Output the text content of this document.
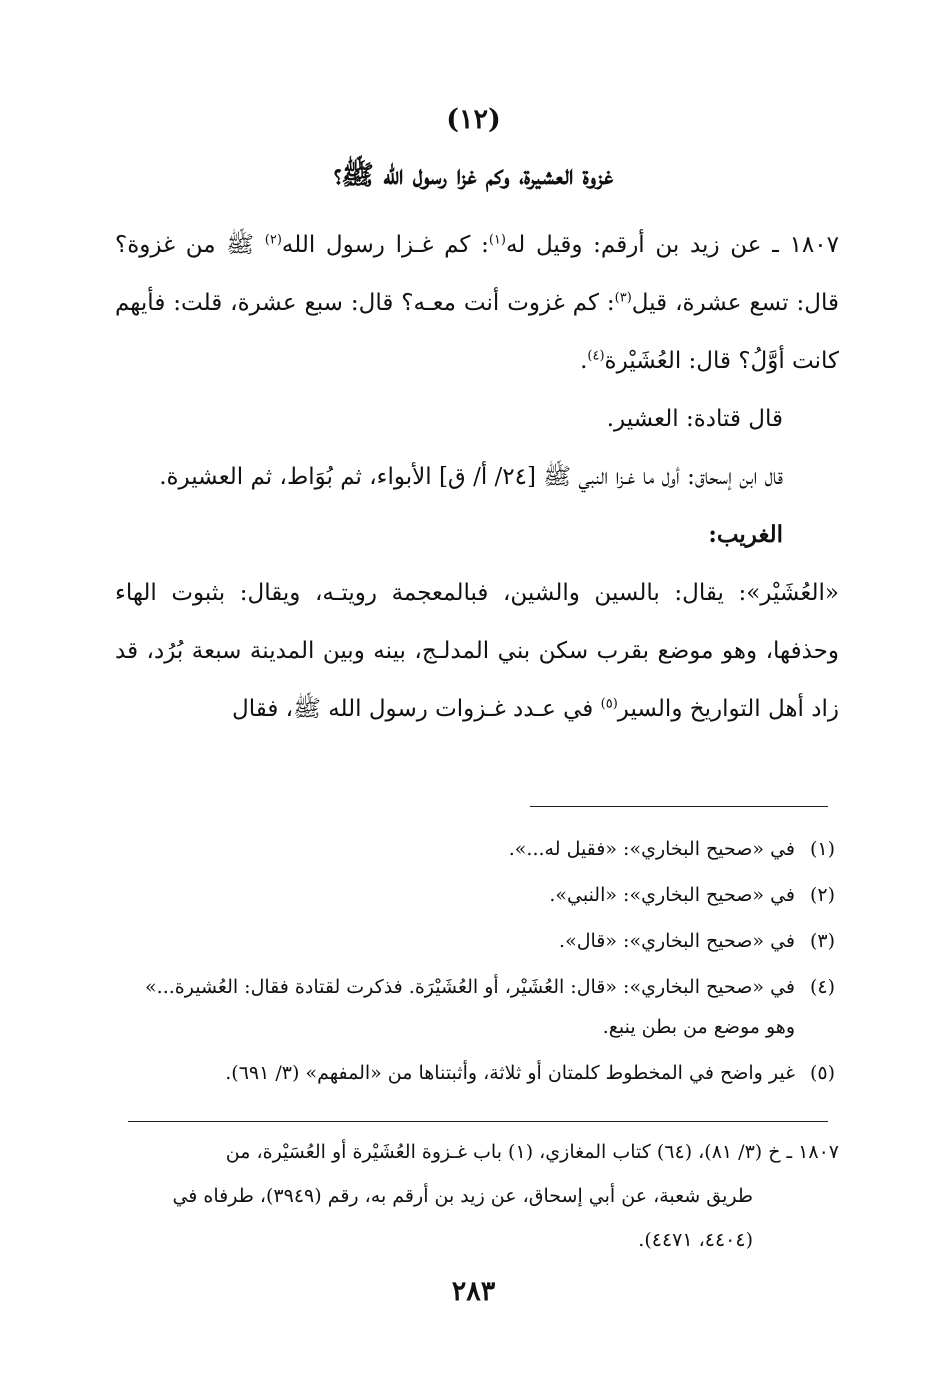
(١٢)
غزوة العشيرة، وكم غزا رسول الله ﷺ؟

١٨٠٧ ـ عن زيد بن أرقم: وقيل له$^{(١)}$: كم غـزا رسول الله$^{(٢)}$ ﷺ من غزوة؟ قال: تسع عشرة، قيل$^{(٣)}$: كم غزوت أنت معـه؟ قال: سبع عشرة، قلت: فأيهم كانت أوَّلُ؟ قال: العُشَيْرة$^{(٤)}$.

قال قتادة: العشير.

قال ابن إسحاق: أول ما غـزا النبي ﷺ [٢٤/ أ/ ق] الأبواء، ثم بُوَاط، ثم العشيرة.

الغريب:

«العُشَيْر»: يقال: بالسين والشين، فبالمعجمة رويتـه، ويقال: بثبوت الهاء وحذفها، وهو موضع بقرب سكن بني المدلـج، بينه وبين المدينة سبعة بُرُد، قد زاد أهل التواريخ والسير$^{(٥)}$ في عـدد غـزوات رسول الله ﷺ، فقال

(١)
في «صحيح البخاري»: «فقيل له...».
(٢)
في «صحيح البخاري»: «النبي».
(٣)
في «صحيح البخاري»: «قال».
(٤)
في «صحيح البخاري»: «قال: العُشَيْر، أو العُشَيْرَة. فذكرت لقتادة فقال: العُشيرة...»
وهو موضع من بطن ينبع.
(٥)
غير واضح في المخطوط كلمتان أو ثلاثة، وأثبتناها من «المفهم» (٣/ ٦٩١).

١٨٠٧ ـ خ (٣/ ٨١)، (٦٤) كتاب المغازي، (١) باب غـزوة العُشَيْرة أو العُسَيْرة، من

طريق شعبة، عن أبي إسحاق، عن زيد بن أرقم به، رقم (٣٩٤٩)، طرفاه في

(٤٤٠٤، ٤٤٧١).

٢٨٣
